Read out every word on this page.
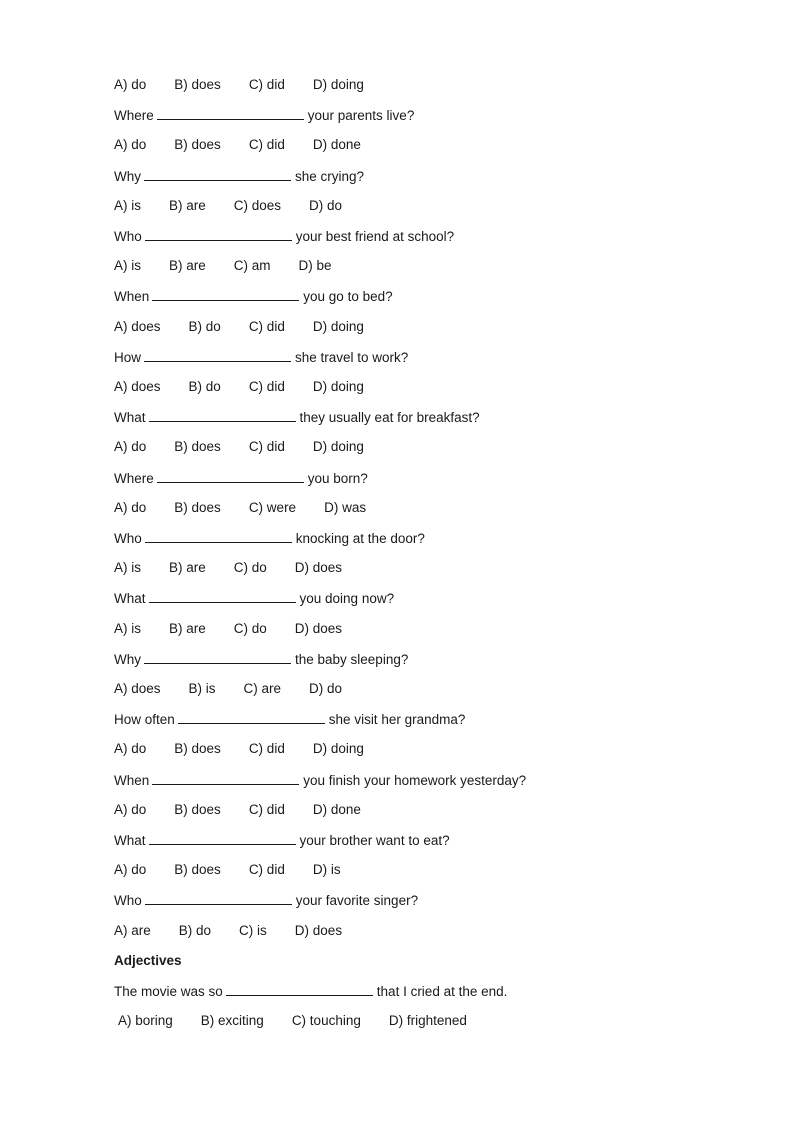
A) do B) does C) did D) doing
Where	your parents live?
A) do B) does C) did D) done
Why	she crying?
A) is B) are C) does D) do
Who	your best friend at school?
A) is B) are C) am D) be
When	you go to bed?
A) does B) do C) did D) doing
How	she travel to work?
A) does B) do C) did D) doing
What	they usually eat for breakfast?
A) do B) does C) did D) doing
Where	you born?
A) do B) does C) were D) was
Who	knocking at the door?
A) is B) are C) do D) does
What	you doing now?
A) is B) are C) do D) does
Why	the baby sleeping?
A) does B) is C) are D) do
How often	she visit her grandma?
A) do B) does C) did D) doing
When	you finish your homework yesterday?
A) do B) does C) did D) done
What	your brother want to eat?
A) do B) does C) did D) is
Who	your favorite singer?
A) are B) do C) is D) does
Adjectives
The movie was so	that I cried at the end.
A) boring B) exciting C) touching D) frightened
